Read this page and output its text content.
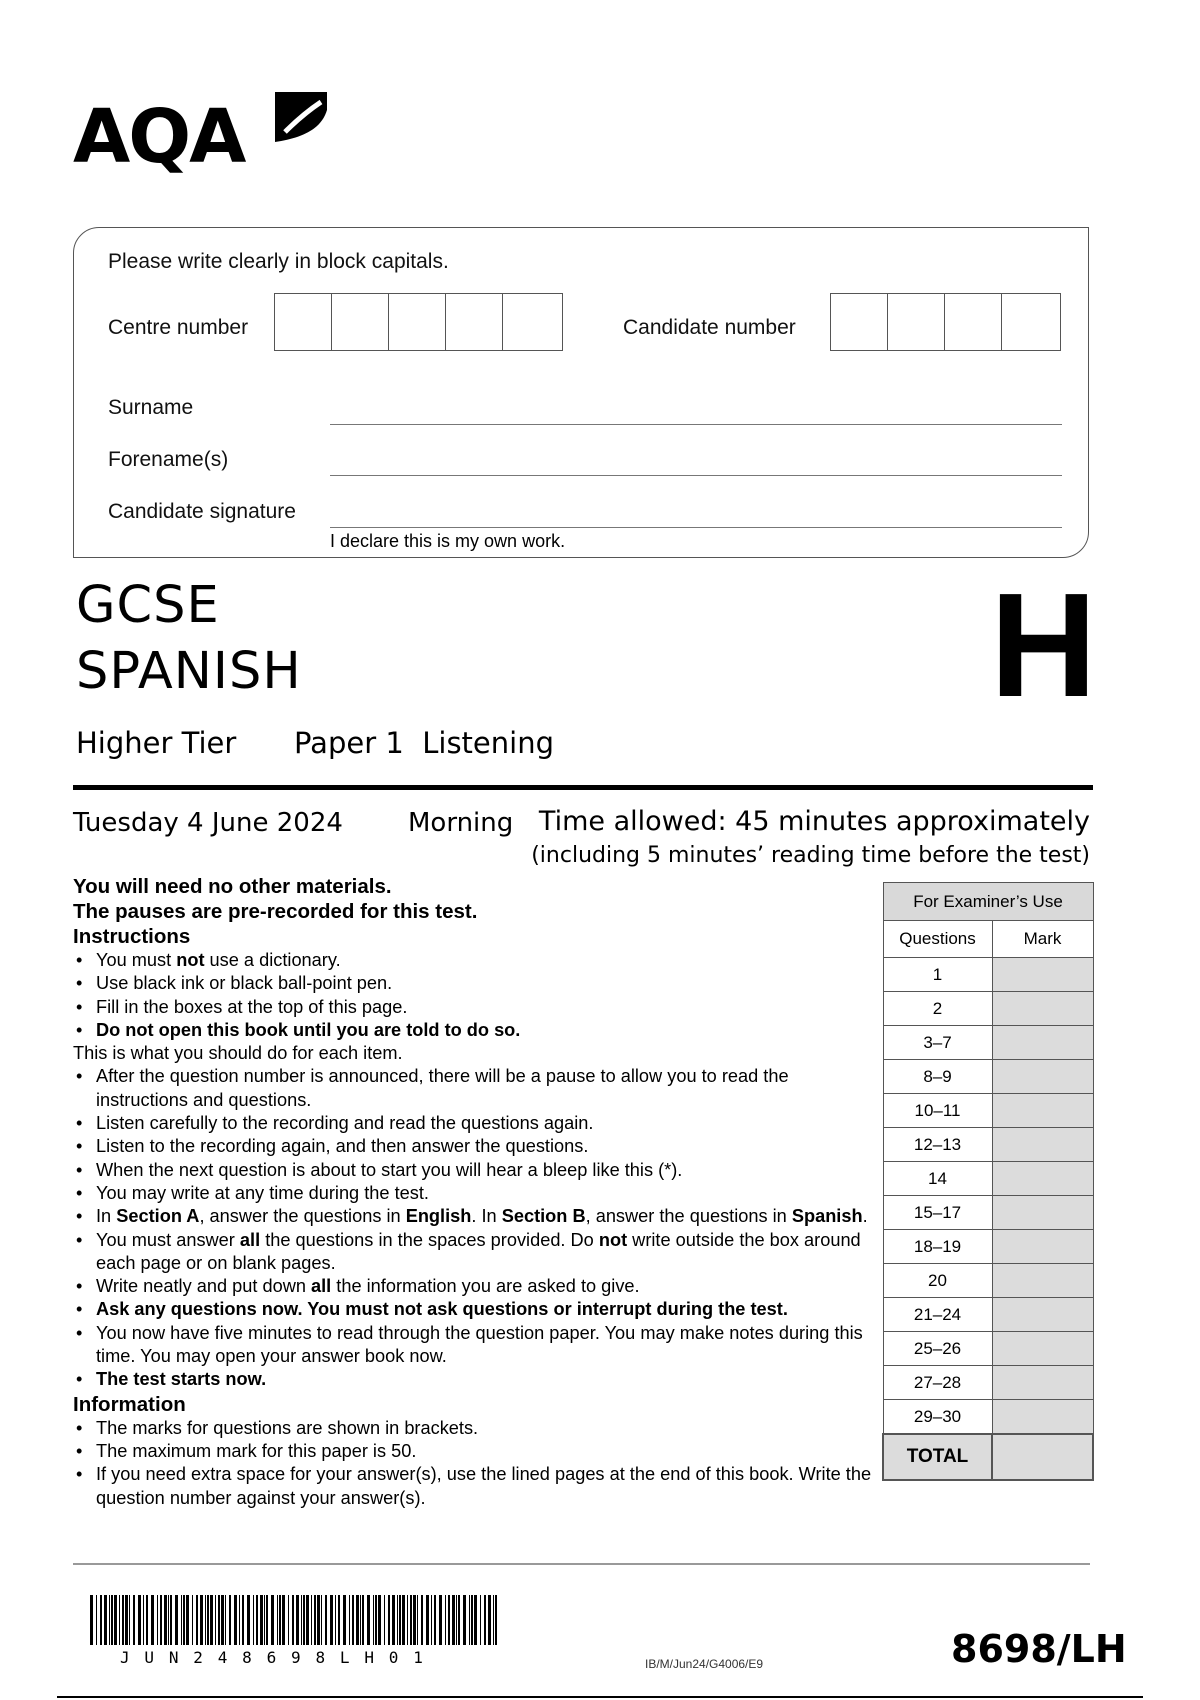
AQA
Please write clearly in block capitals.
Centre number	Candidate number
Surname
Forename(s)
Candidate signature
I declare this is my own work.
GCSE
SPANISH	H
Higher Tier Paper 1  Listening
Tuesday 4 June 2024	Morning Time allowed: 45 minutes approximately
(including 5 minutes’ reading time before the test)

You will need no other materials.

The pauses are pre-recorded for this test.

Instructions

• You must not use a dictionary.
• Use black ink or black ball-point pen.
• Fill in the boxes at the top of this page.
• Do not open this book until you are told to do so.

This is what you should do for each item.

• After the question number is announced, there will be a pause to allow you to read the instructions and questions.
• Listen carefully to the recording and read the questions again.
• Listen to the recording again, and then answer the questions.
• When the next question is about to start you will hear a bleep like this (*).
• You may write at any time during the test.
• In Section A, answer the questions in English. In Section B, answer the questions in Spanish.
• You must answer all the questions in the spaces provided. Do not write outside the box around each page or on blank pages.
• Write neatly and put down all the information you are asked to give.
• Ask any questions now. You must not ask questions or interrupt during the test.
• You now have five minutes to read through the question paper. You may make notes during this time. You may open your answer book now.
• The test starts now.

Information

• The marks for questions are shown in brackets.
• The maximum mark for this paper is 50.
• If you need extra space for your answer(s), use the lined pages at the end of this book. Write the question number against your answer(s).
For Examiner’s Use	
Questions	Mark
1	
2	
3–7	
8–9	
10–11	
12–13	
14	
15–17	
18–19	
20	
21–24	
25–26	
27–28	
29–30	
TOTAL	
JUN248698LH01	IB/M/Jun24/G4006/E9	8698/LH
